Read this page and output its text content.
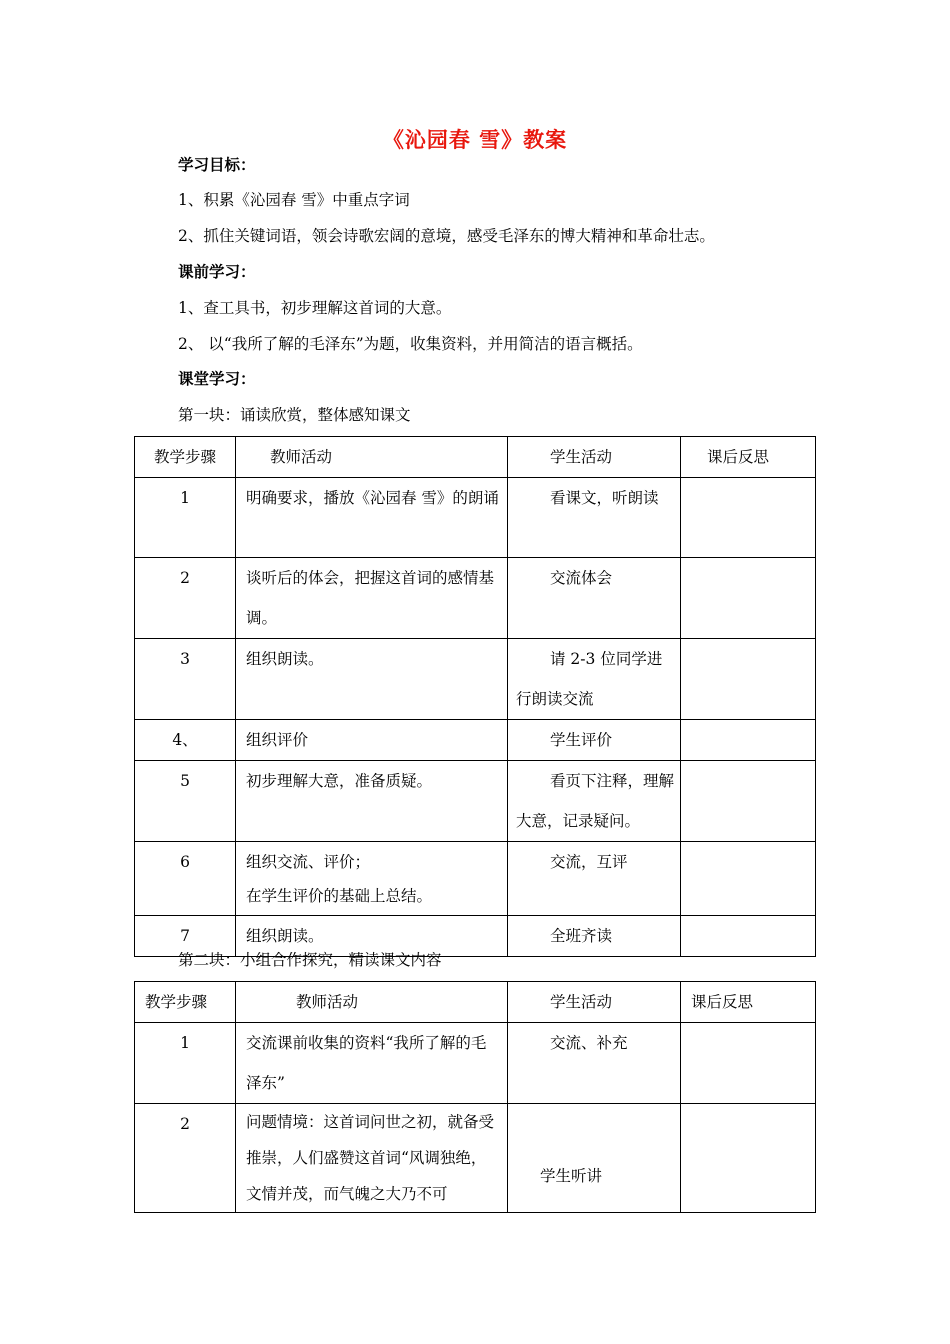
《沁园春 雪》教案
学习目标：
1、积累《沁园春 雪》中重点字词
2、抓住关键词语，领会诗歌宏阔的意境，感受毛泽东的博大精神和革命壮志。
课前学习：
1、查工具书，初步理解这首词的大意。
2、 以“我所了解的毛泽东”为题，收集资料，并用简洁的语言概括。
课堂学习：
第一块：诵读欣赏，整体感知课文
教学步骤	教师活动	学生活动	课后反思
1	明确要求，播放《沁园春 雪》的朗诵	看课文，听朗读	
2	谈听后的体会，把握这首词的感情基调。	交流体会	
3	组织朗读。	请 2-3 位同学进行朗读交流	
4、	组织评价	学生评价	
5	初步理解大意，准备质疑。	看页下注释，理解大意，记录疑问。	
6	组织交流、评价；
在学生评价的基础上总结。	交流，互评	
7	组织朗读。	全班齐读	
第二块：小组合作探究，精读课文内容
教学步骤	教师活动	学生活动	课后反思
1	交流课前收集的资料“我所了解的毛泽东”	交流、补充	
2	问题情境：这首词问世之初，就备受推崇，人们盛赞这首词“风调独绝，文情并茂，而气魄之大乃不可	学生听讲	
